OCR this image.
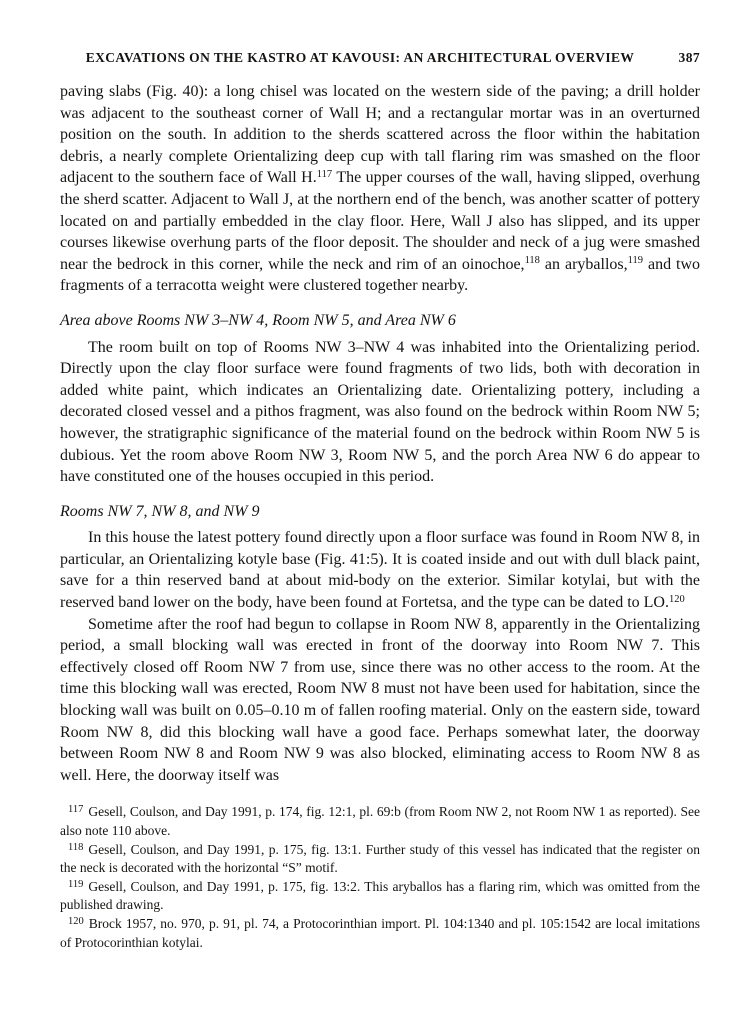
EXCAVATIONS ON THE KASTRO AT KAVOUSI: AN ARCHITECTURAL OVERVIEW	387

paving slabs (Fig. 40): a long chisel was located on the western side of the paving; a drill holder was adjacent to the southeast corner of Wall H; and a rectangular mortar was in an overturned position on the south. In addition to the sherds scattered across the floor within the habitation debris, a nearly complete Orientalizing deep cup with tall flaring rim was smashed on the floor adjacent to the southern face of Wall H.$^{117}$ The upper courses of the wall, having slipped, overhung the sherd scatter. Adjacent to Wall J, at the northern end of the bench, was another scatter of pottery located on and partially embedded in the clay floor. Here, Wall J also has slipped, and its upper courses likewise overhung parts of the floor deposit. The shoulder and neck of a jug were smashed near the bedrock in this corner, while the neck and rim of an oinochoe,$^{118}$ an aryballos,$^{119}$ and two fragments of a terracotta weight were clustered together nearby.

Area above Rooms NW 3–NW 4, Room NW 5, and Area NW 6

The room built on top of Rooms NW 3–NW 4 was inhabited into the Orientalizing period. Directly upon the clay floor surface were found fragments of two lids, both with decoration in added white paint, which indicates an Orientalizing date. Orientalizing pottery, including a decorated closed vessel and a pithos fragment, was also found on the bedrock within Room NW 5; however, the stratigraphic significance of the material found on the bedrock within Room NW 5 is dubious. Yet the room above Room NW 3, Room NW 5, and the porch Area NW 6 do appear to have constituted one of the houses occupied in this period.

Rooms NW 7, NW 8, and NW 9

In this house the latest pottery found directly upon a floor surface was found in Room NW 8, in particular, an Orientalizing kotyle base (Fig. 41:5). It is coated inside and out with dull black paint, save for a thin reserved band at about mid-body on the exterior. Similar kotylai, but with the reserved band lower on the body, have been found at Fortetsa, and the type can be dated to LO.$^{120}$

Sometime after the roof had begun to collapse in Room NW 8, apparently in the Orientalizing period, a small blocking wall was erected in front of the doorway into Room NW 7. This effectively closed off Room NW 7 from use, since there was no other access to the room. At the time this blocking wall was erected, Room NW 8 must not have been used for habitation, since the blocking wall was built on 0.05–0.10 m of fallen roofing material. Only on the eastern side, toward Room NW 8, did this blocking wall have a good face. Perhaps somewhat later, the doorway between Room NW 8 and Room NW 9 was also blocked, eliminating access to Room NW 8 as well. Here, the doorway itself was

$^{117}$ Gesell, Coulson, and Day 1991, p. 174, fig. 12:1, pl. 69:b (from Room NW 2, not Room NW 1 as reported). See also note 110 above.

$^{118}$ Gesell, Coulson, and Day 1991, p. 175, fig. 13:1. Further study of this vessel has indicated that the register on the neck is decorated with the horizontal “S” motif.

$^{119}$ Gesell, Coulson, and Day 1991, p. 175, fig. 13:2. This aryballos has a flaring rim, which was omitted from the published drawing.

$^{120}$ Brock 1957, no. 970, p. 91, pl. 74, a Protocorinthian import. Pl. 104:1340 and pl. 105:1542 are local imitations of Protocorinthian kotylai.
